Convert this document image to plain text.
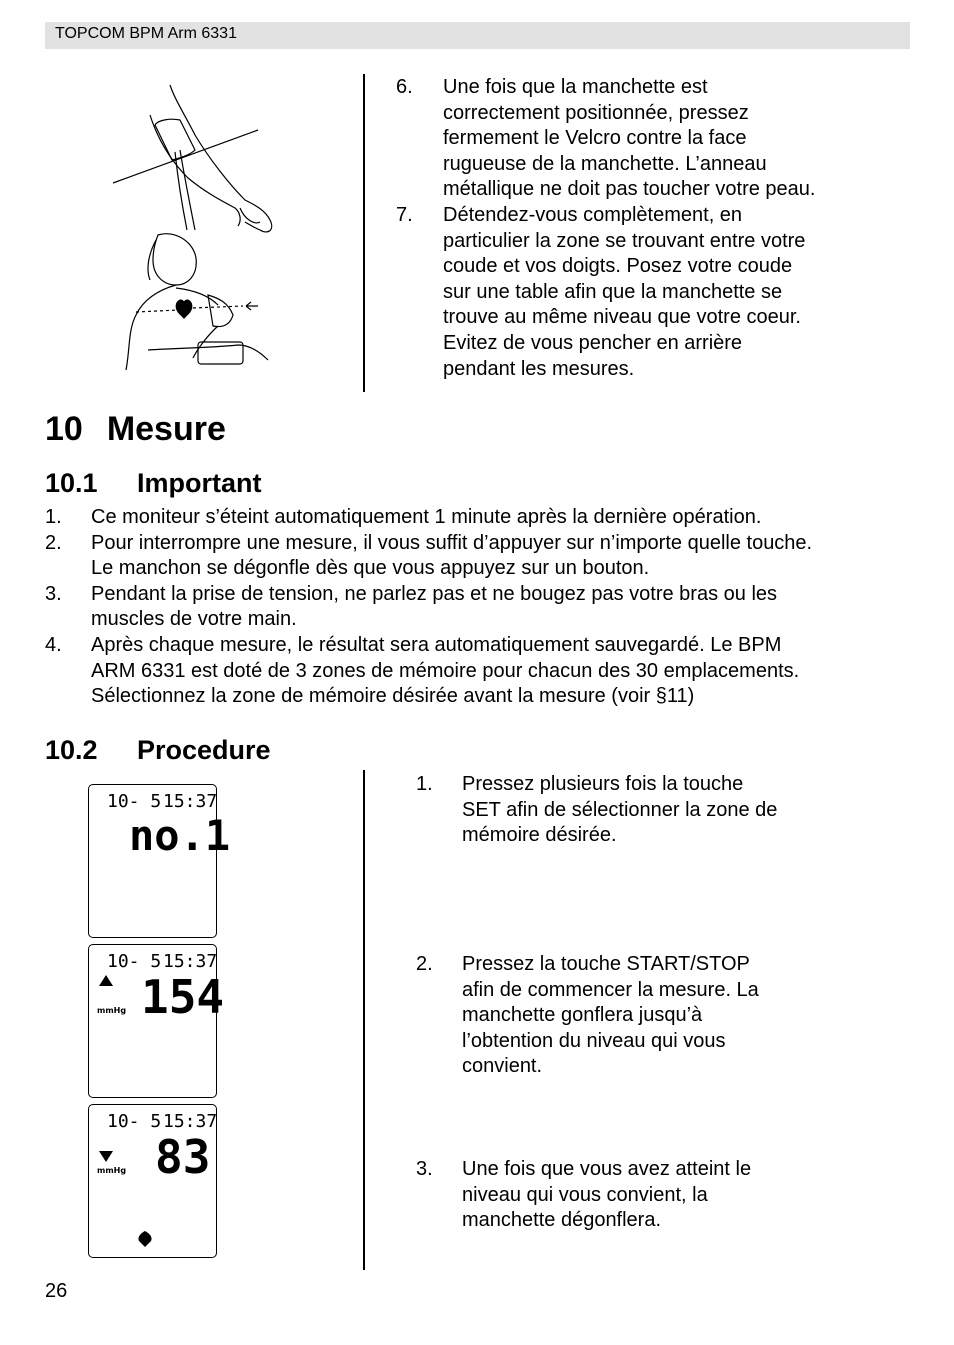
TOPCOM BPM Arm 6331
6. Une fois que la manchette est
correctement positionnée, pressez
fermement le Velcro contre la face
rugueuse de la manchette. L’anneau
métallique ne doit pas toucher votre peau.
7. Détendez-vous complètement, en
particulier la zone se trouvant entre votre
coude et vos doigts. Posez votre coude
sur une table afin que la manchette se
trouve au même niveau que votre coeur.
Evitez de vous pencher en arrière
pendant les mesures.
10 Mesure
10.1 Important
1. Ce moniteur s’éteint automatiquement 1 minute après la dernière opération.
2. Pour interrompre une mesure, il vous suffit d’appuyer sur n’importe quelle touche.
Le manchon se dégonfle dès que vous appuyez sur un bouton.
3. Pendant la prise de tension, ne parlez pas et ne bougez pas votre bras ou les
muscles de votre main.
4. Après chaque mesure, le résultat sera automatiquement sauvegardé. Le BPM
ARM 6331 est doté de 3 zones de mémoire pour chacun des 30 emplacements.
Sélectionnez la zone de mémoire désirée avant la mesure (voir §11)
10.2 Procedure
10- 5 15:37
no.1
10- 5 15:37
154
mmHg
10- 5 15:37
83
mmHg
1. Pressez plusieurs fois la touche
SET afin de sélectionner la zone de
mémoire désirée.
2. Pressez la touche START/STOP
afin de commencer la mesure. La
manchette gonflera jusqu’à
l’obtention du niveau qui vous
convient.
3. Une fois que vous avez atteint le
niveau qui vous convient, la
manchette dégonflera.
26
